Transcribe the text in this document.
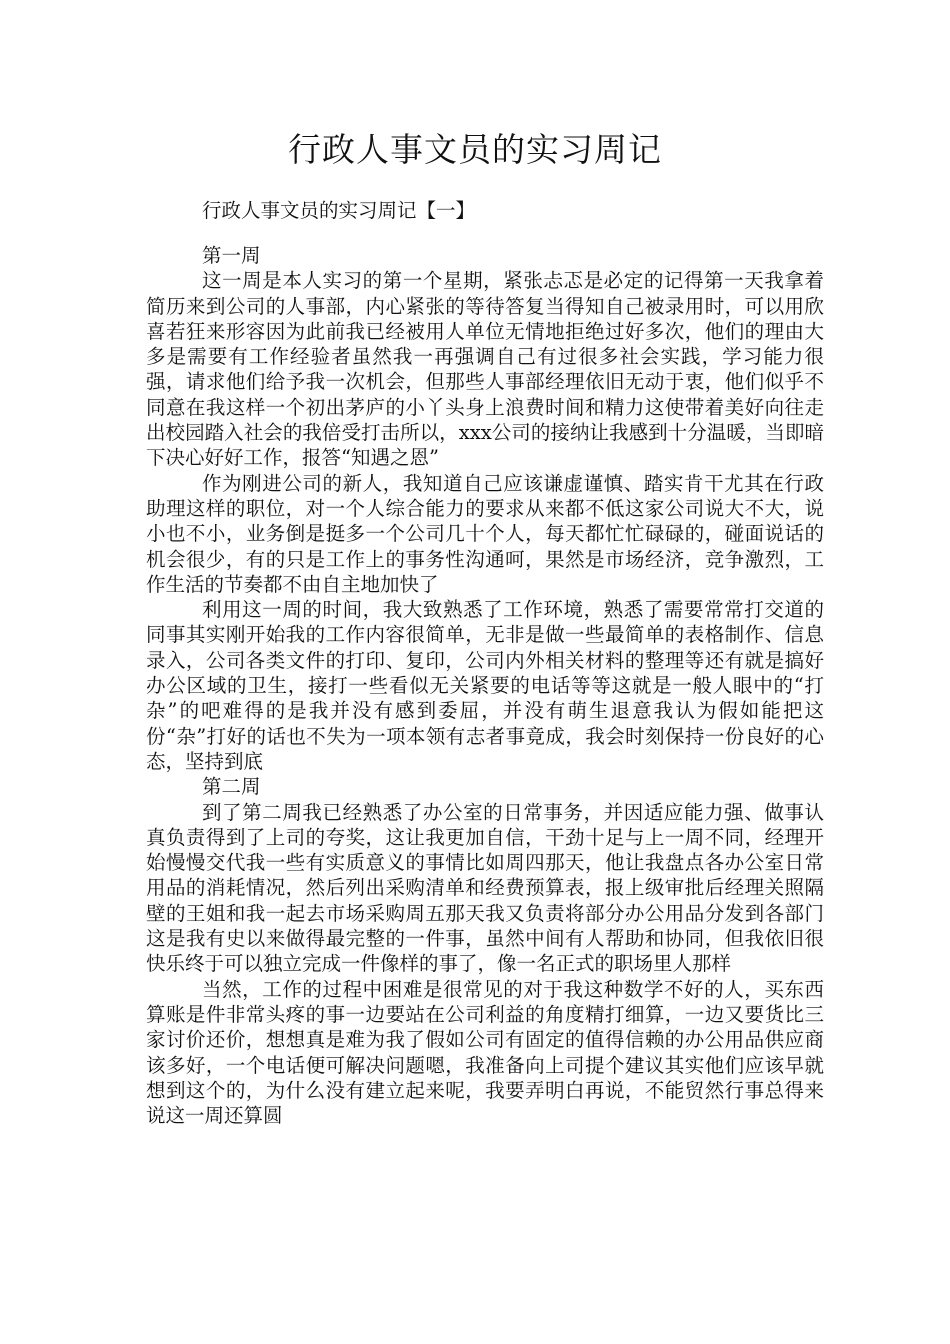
行政人事文员的实习周记

行政人事文员的实习周记【一】

第一周

这一周是本人实习的第一个星期，紧张忐忑是必定的记得第一天我拿着简历来到公司的人事部，内心紧张的等待答复当得知自己被录用时，可以用欣喜若狂来形容因为此前我已经被用人单位无情地拒绝过好多次，他们的理由大多是需要有工作经验者虽然我一再强调自己有过很多社会实践，学习能力很强，请求他们给予我一次机会，但那些人事部经理依旧无动于衷，他们似乎不同意在我这样一个初出茅庐的小丫头身上浪费时间和精力这使带着美好向往走出校园踏入社会的我倍受打击所以，xxx公司的接纳让我感到十分温暖，当即暗下决心好好工作，报答“知遇之恩”

作为刚进公司的新人，我知道自己应该谦虚谨慎、踏实肯干尤其在行政助理这样的职位，对一个人综合能力的要求从来都不低这家公司说大不大，说小也不小，业务倒是挺多一个公司几十个人，每天都忙忙碌碌的，碰面说话的机会很少，有的只是工作上的事务性沟通呵，果然是市场经济，竞争激烈，工作生活的节奏都不由自主地加快了

利用这一周的时间，我大致熟悉了工作环境，熟悉了需要常常打交道的同事其实刚开始我的工作内容很简单，无非是做一些最简单的表格制作、信息录入，公司各类文件的打印、复印，公司内外相关材料的整理等还有就是搞好办公区域的卫生，接打一些看似无关紧要的电话等等这就是一般人眼中的“打杂”的吧难得的是我并没有感到委屈，并没有萌生退意我认为假如能把这份“杂”打好的话也不失为一项本领有志者事竟成，我会时刻保持一份良好的心态，坚持到底

第二周

到了第二周我已经熟悉了办公室的日常事务，并因适应能力强、做事认真负责得到了上司的夸奖，这让我更加自信，干劲十足与上一周不同，经理开始慢慢交代我一些有实质意义的事情比如周四那天，他让我盘点各办公室日常用品的消耗情况，然后列出采购清单和经费预算表，报上级审批后经理关照隔壁的王姐和我一起去市场采购周五那天我又负责将部分办公用品分发到各部门这是我有史以来做得最完整的一件事，虽然中间有人帮助和协同，但我依旧很快乐终于可以独立完成一件像样的事了，像一名正式的职场里人那样

当然，工作的过程中困难是很常见的对于我这种数学不好的人，买东西算账是件非常头疼的事一边要站在公司利益的角度精打细算，一边又要货比三家讨价还价，想想真是难为我了假如公司有固定的值得信赖的办公用品供应商该多好，一个电话便可解决问题嗯，我准备向上司提个建议其实他们应该早就想到这个的，为什么没有建立起来呢，我要弄明白再说，不能贸然行事总得来说这一周还算圆
